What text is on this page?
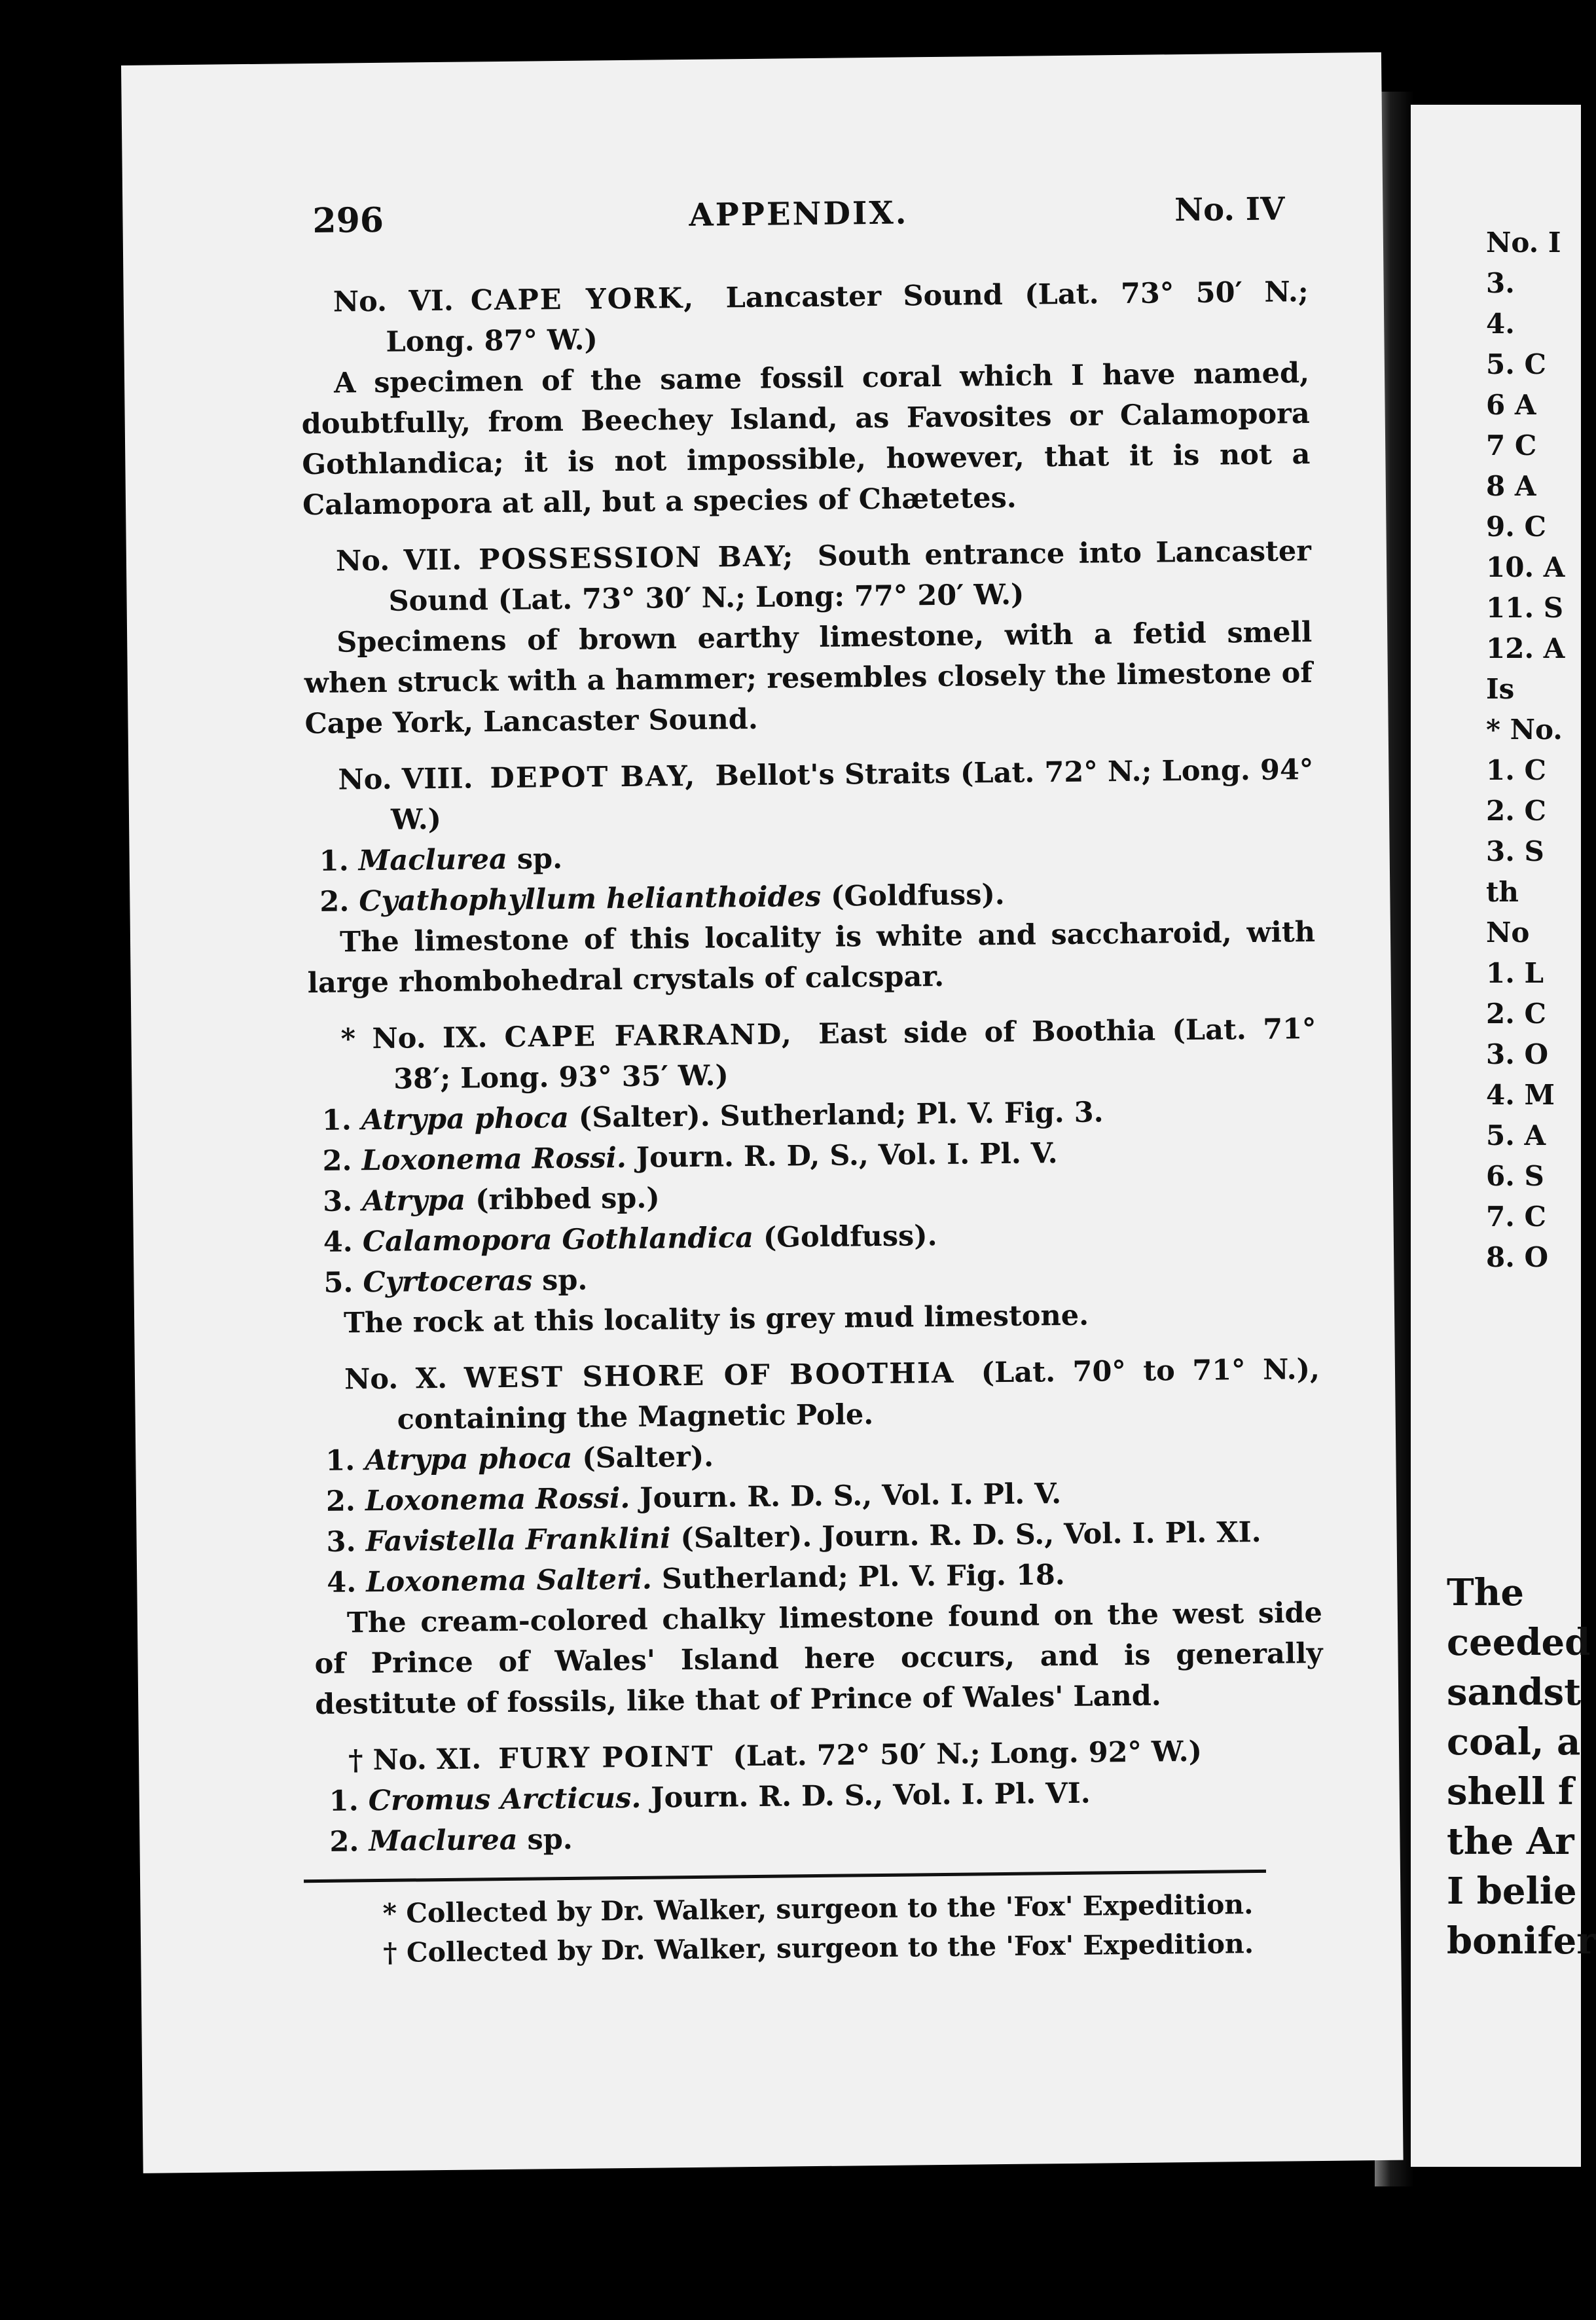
No. I
3.
4.
5. C
6 A
7 C
8 A
9. C
10. A
11. S
12. A
Is
* No.
1. C
2. C
3. S
th
No
1. L
2. C
3. O
4. M
5. A
6. S
7. C
8. O
The
ceeded
sandst
coal, a
shell f
the Ar
I belie
bonifer
296	APPENDIX.	No. IV
No. VI. CAPE YORK, Lancaster Sound (Lat. 73° 50′ N.; Long. 87° W.)
A specimen of the same fossil coral which I have named, doubtfully, from Beechey Island, as Favosites or Calamopora Gothlandica; it is not impossible, however, that it is not a Calamopora at all, but a species of Chætetes.
No. VII. POSSESSION BAY; South entrance into Lancaster Sound (Lat. 73° 30′ N.; Long: 77° 20′ W.)
Specimens of brown earthy limestone, with a fetid smell when struck with a hammer; resembles closely the limestone of Cape York, Lancaster Sound.
No. VIII. DEPOT BAY, Bellot's Straits (Lat. 72° N.; Long. 94° W.)
1. Maclurea sp.
2. Cyathophyllum helianthoides (Goldfuss).
The limestone of this locality is white and saccharoid, with large rhombohedral crystals of calcspar.
* No. IX. CAPE FARRAND, East side of Boothia (Lat. 71° 38′; Long. 93° 35′ W.)
1. Atrypa phoca (Salter). Sutherland; Pl. V. Fig. 3.
2. Loxonema Rossi. Journ. R. D, S., Vol. I. Pl. V.
3. Atrypa (ribbed sp.)
4. Calamopora Gothlandica (Goldfuss).
5. Cyrtoceras sp.
The rock at this locality is grey mud limestone.
No. X. WEST SHORE OF BOOTHIA (Lat. 70° to 71° N.), containing the Magnetic Pole.
1. Atrypa phoca (Salter).
2. Loxonema Rossi. Journ. R. D. S., Vol. I. Pl. V.
3. Favistella Franklini (Salter). Journ. R. D. S., Vol. I. Pl. XI.
4. Loxonema Salteri. Sutherland; Pl. V. Fig. 18.
The cream-colored chalky limestone found on the west side of Prince of Wales' Island here occurs, and is generally destitute of fossils, like that of Prince of Wales' Land.
† No. XI. FURY POINT (Lat. 72° 50′ N.; Long. 92° W.)
1. Cromus Arcticus. Journ. R. D. S., Vol. I. Pl. VI.
2. Maclurea sp.
* Collected by Dr. Walker, surgeon to the 'Fox' Expedition.
† Collected by Dr. Walker, surgeon to the 'Fox' Expedition.
